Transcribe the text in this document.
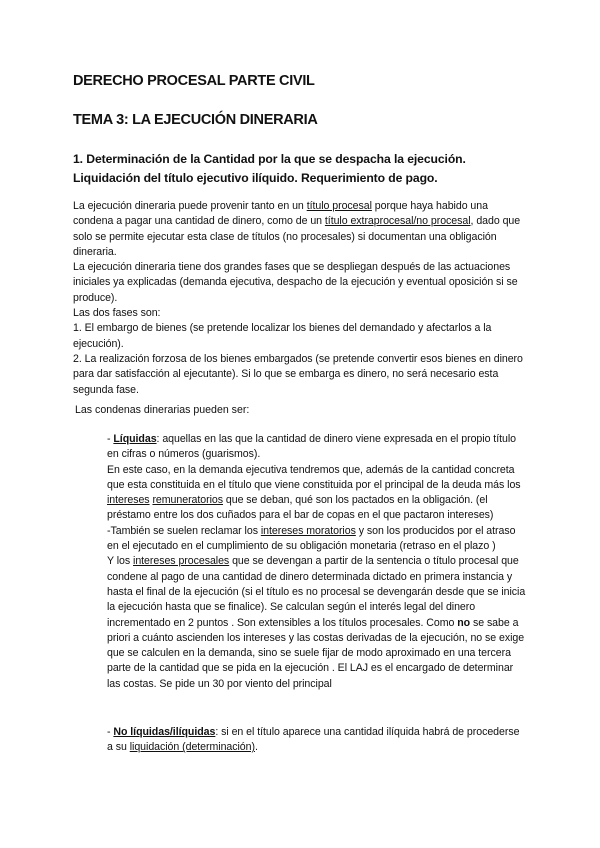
DERECHO PROCESAL PARTE CIVIL
TEMA 3: LA EJECUCIÓN DINERARIA
1. Determinación de la Cantidad por la que se despacha la ejecución. Liquidación del título ejecutivo ilíquido. Requerimiento de pago.

La ejecución dineraria puede provenir tanto en un título procesal porque haya habido una condena a pagar una cantidad de dinero, como de un título extraprocesal/no procesal, dado que solo se permite ejecutar esta clase de títulos (no procesales) si documentan una obligación dineraria.

La ejecución dineraria tiene dos grandes fases que se despliegan después de las actuaciones iniciales ya explicadas (demanda ejecutiva, despacho de la ejecución y eventual oposición si se produce).

Las dos fases son:

1. El embargo de bienes (se pretende localizar los bienes del demandado y afectarlos a la ejecución).

2. La realización forzosa de los bienes embargados (se pretende convertir esos bienes en dinero para dar satisfacción al ejecutante). Si lo que se embarga es dinero, no será necesario esta segunda fase.

Las condenas dinerarias pueden ser:

- Líquidas: aquellas en las que la cantidad de dinero viene expresada en el propio título en cifras o números (guarismos).

En este caso, en la demanda ejecutiva tendremos que, además de la cantidad concreta que esta constituida en el título que viene constituida por el principal de la deuda más los intereses remuneratorios que se deban, qué son los pactados en la obligación. (el préstamo entre los dos cuñados para el bar de copas en el que pactaron intereses)

-También se suelen reclamar los intereses moratorios y son los producidos por el atraso en el ejecutado en el cumplimiento de su obligación monetaria (retraso en el plazo )

Y los intereses procesales que se devengan a partir de la sentencia o título procesal que condene al pago de una cantidad de dinero determinada dictado en primera instancia y hasta el final de la ejecución (si el título es no procesal se devengarán desde que se inicia la ejecución hasta que se finalice). Se calculan según el interés legal del dinero incrementado en 2 puntos . Son extensibles a los títulos procesales. Como no se sabe a priori a cuánto ascienden los intereses y las costas derivadas de la ejecución, no se exige que se calculen en la demanda, sino se suele fijar de modo aproximado en una tercera parte de la cantidad que se pida en la ejecución . El LAJ es el encargado de determinar las costas. Se pide un 30 por viento del principal

- No líquidas/ilíquidas: si en el título aparece una cantidad ilíquida habrá de procederse a su liquidación (determinación).
